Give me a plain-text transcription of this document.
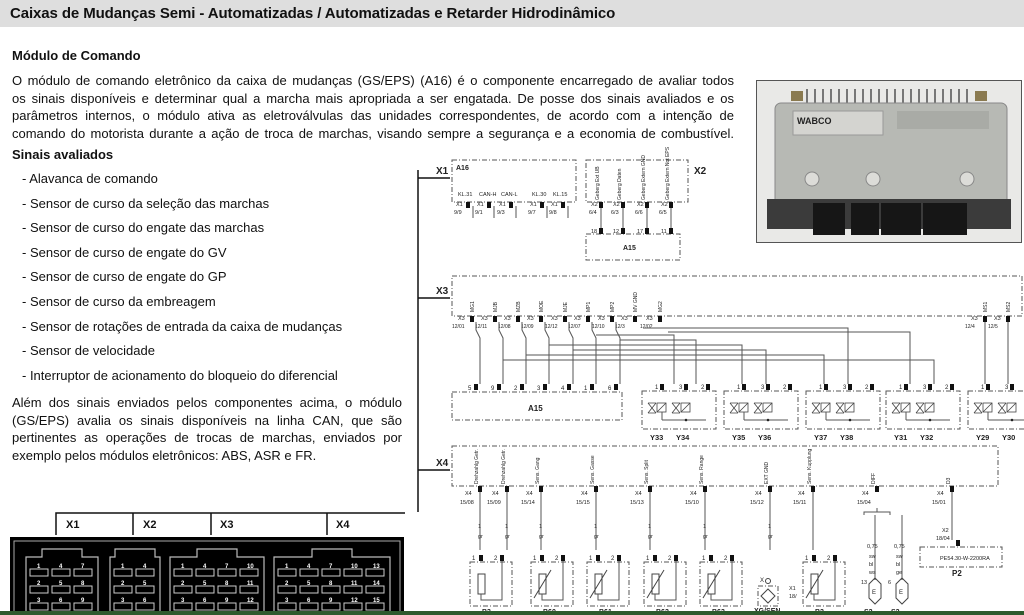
Caixas de Mudanças Semi - Automatizadas / Automatizadas e Retarder Hidrodinâmico
Módulo de Comando
O módulo de comando eletrônico da caixa de mudanças (GS/EPS) (A16) é o componente encarregado de avaliar todos
os sinais disponíveis e determinar qual a marcha mais apropriada a ser engatada. De posse dos sinais avaliados e os
parâmetros internos, o módulo ativa as eletroválvulas das unidades correspondentes, de acordo com a intenção de
comando do motorista durante a ação de troca de marchas, visando sempre a segurança e a economia de combustível.
Sinais avaliados
- Alavanca de comando
- Sensor de curso da seleção das marchas
- Sensor de curso do engate das marchas
- Sensor de curso de engate do GV
- Sensor de curso de engate do GP
- Sensor de curso da embreagem
- Sensor de rotações de entrada da caixa de mudanças
- Sensor de velocidade
- Interruptor de acionamento do bloqueio do diferencial
Além dos sinais enviados pelos componentes acima, o módulo
(GS/EPS) avalia os sinais disponíveis na linha CAN, que são
pertinentes as operações de trocas de marchas, enviados por
exemplo pelos módulos eletrônicos: ABS, ASR e FR.
WABCO
X1
X3
X4
A16
KL.31
X1
9/9
CAN-H
X1
9/1
CAN-L
X1
9/3
KL.30
X1
9/7
KL.15
X1
9/8
X2
A15
Geberg Ext UB
X2
6/4
18
Geberg Daten
X2
6/3
12
Geberg Extern GND
X2
6/6
17
Geberg Extern Not EPS
X2
6/5
11
MG1
X3
12/01
MJB
X3
12/11
MZB
X3
12/08
MOE
X3
12/09
MJE
X3
12/12
MP1
X3
12/07
MP2
X3
12/10
MV GND
X3
12/3
MG2
X3
12/02
MS1
X3
12/4
MS2
X3
12/5
A15
5	9	2	3	4	1	6	1	3	2
Y33 Y34
1	3	2
Y35 Y36
1	3	2
Y37 Y38
1	3	2
Y31 Y32
1	3
Y29 Y30
Drehzahlg Getr.
X4
15/08
1
gr
Drehzahlg Getr.
X4
15/09
1
gr
Sens. Gang
X4
15/14
1
gr
Sens. Gasse
X4
15/15
1
gr
Sens. Split
X4
15/13
1
gr
Sens. Range
X4
15/10
1
gr
EXT GND
X4
15/12
1
gr
Sens. Kupplung
X4
15/11
DIFF
X4
15/04
D3
X4
15/01
0,75
sw
bl
ws
13
E
0,75
sw
bl
ge
6
E
X2
18/04
PE54.30-W-2200RA
P2
1	2	1	2	1	2	1	2	1	2
X
1	2
X1
18/
X1	X2	X3	X4
1	4	7
2	5	8
3	6	9
1	4
2	5
3	6
1	4	7	10
2	5	8	11
3	6	9	12
1	4	7	10	13
2	5	8	11	14
3	6	9	12	15
